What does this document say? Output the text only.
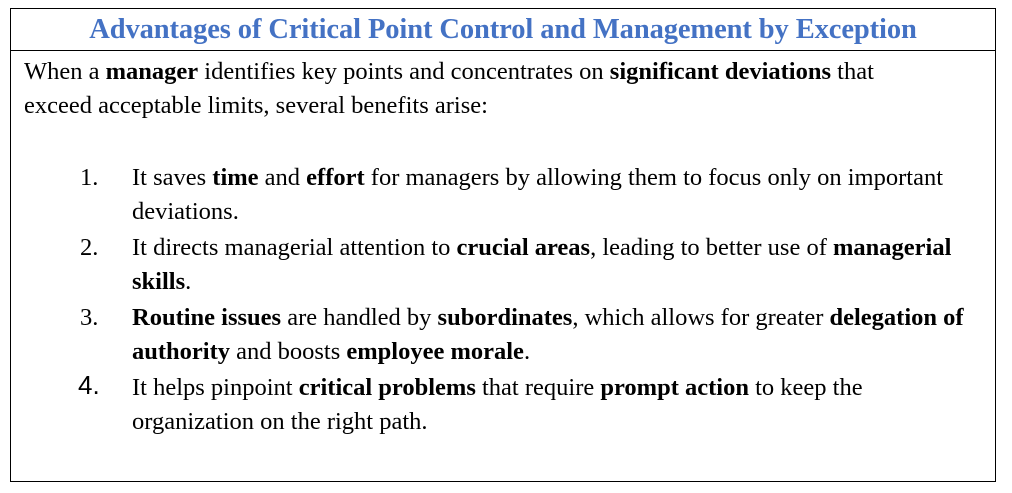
Advantages of Critical Point Control and Management by Exception

When a manager identifies key points and concentrates on significant deviations that exceed acceptable limits, several benefits arise:

1. It saves time and effort for managers by allowing them to focus only on important deviations.
2. It directs managerial attention to crucial areas, leading to better use of managerial skills.
3. Routine issues are handled by subordinates, which allows for greater delegation of authority and boosts employee morale.
4. It helps pinpoint critical problems that require prompt action to keep the organization on the right path.
